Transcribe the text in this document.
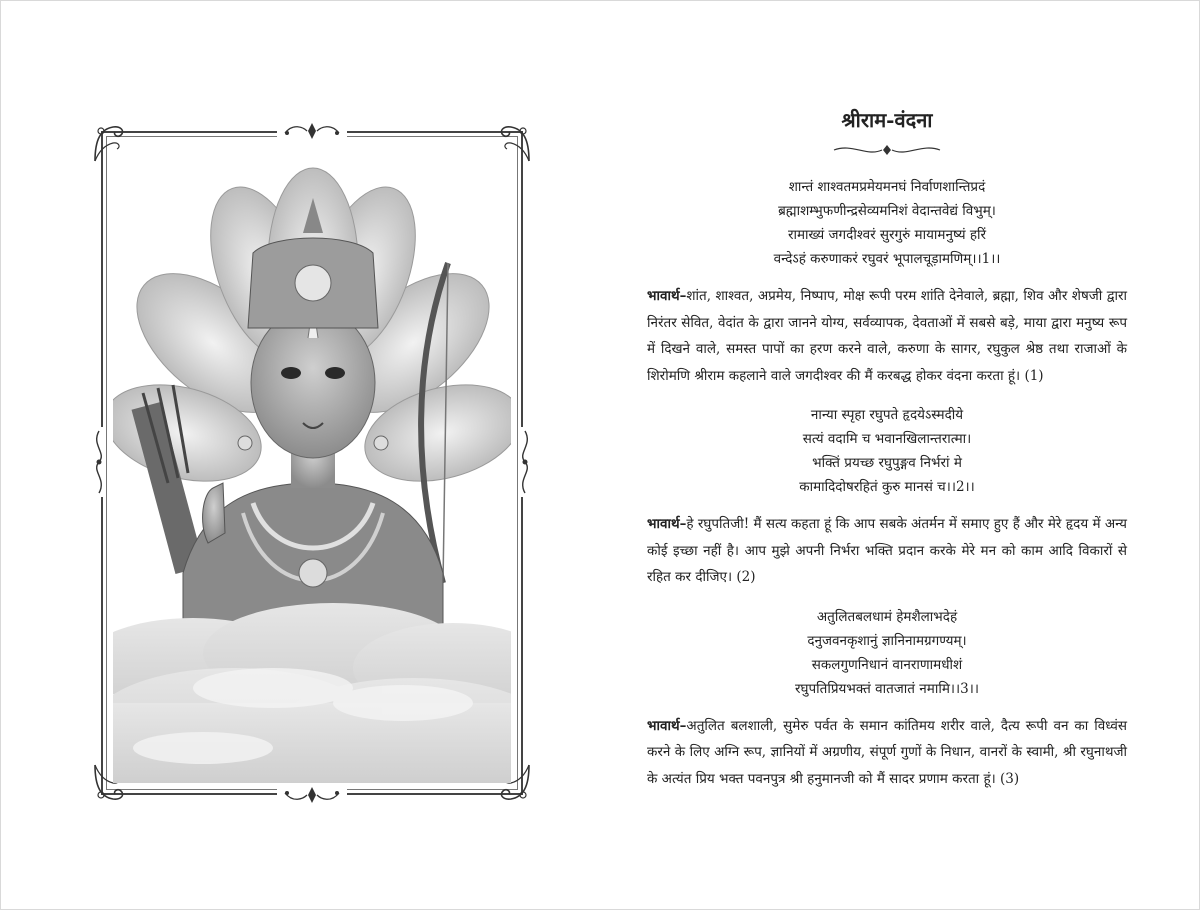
श्रीराम-वंदना
शान्तं शाश्वतमप्रमेयमनघं निर्वाणशान्तिप्रदं
ब्रह्माशम्भुफणीन्द्रसेव्यमनिशं वेदान्तवेद्यं विभुम्।
रामाख्यं जगदीश्वरं सुरगुरुं मायामनुष्यं हरिं
वन्देऽहं करुणाकरं रघुवरं भूपालचूड़ामणिम्।।1।।

भावार्थ–शांत, शाश्वत, अप्रमेय, निष्पाप, मोक्ष रूपी परम शांति देनेवाले, ब्रह्मा, शिव और शेषजी द्वारा निरंतर सेवित, वेदांत के द्वारा जानने योग्य, सर्वव्यापक, देवताओं में सबसे बड़े, माया द्वारा मनुष्य रूप में दिखने वाले, समस्त पापों का हरण करने वाले, करुणा के सागर, रघुकुल श्रेष्ठ तथा राजाओं के शिरोमणि श्रीराम कहलाने वाले जगदीश्वर की मैं करबद्ध होकर वंदना करता हूं। (1)

नान्या स्पृहा रघुपते हृदयेऽस्मदीये
सत्यं वदामि च भवानखिलान्तरात्मा।
भक्तिं प्रयच्छ रघुपुङ्गव निर्भरां मे
कामादिदोषरहितं कुरु मानसं च।।2।।

भावार्थ–हे रघुपतिजी! मैं सत्य कहता हूं कि आप सबके अंतर्मन में समाए हुए हैं और मेरे हृदय में अन्य कोई इच्छा नहीं है। आप मुझे अपनी निर्भरा भक्ति प्रदान करके मेरे मन को काम आदि विकारों से रहित कर दीजिए। (2)

अतुलितबलधामं हेमशैलाभदेहं
दनुजवनकृशानुं ज्ञानिनामग्रगण्यम्।
सकलगुणनिधानं वानराणामधीशं
रघुपतिप्रियभक्तं वातजातं नमामि।।3।।

भावार्थ–अतुलित बलशाली, सुमेरु पर्वत के समान कांतिमय शरीर वाले, दैत्य रूपी वन का विध्वंस करने के लिए अग्नि रूप, ज्ञानियों में अग्रणीय, संपूर्ण गुणों के निधान, वानरों के स्वामी, श्री रघुनाथजी के अत्यंत प्रिय भक्त पवनपुत्र श्री हनुमानजी को मैं सादर प्रणाम करता हूं। (3)
